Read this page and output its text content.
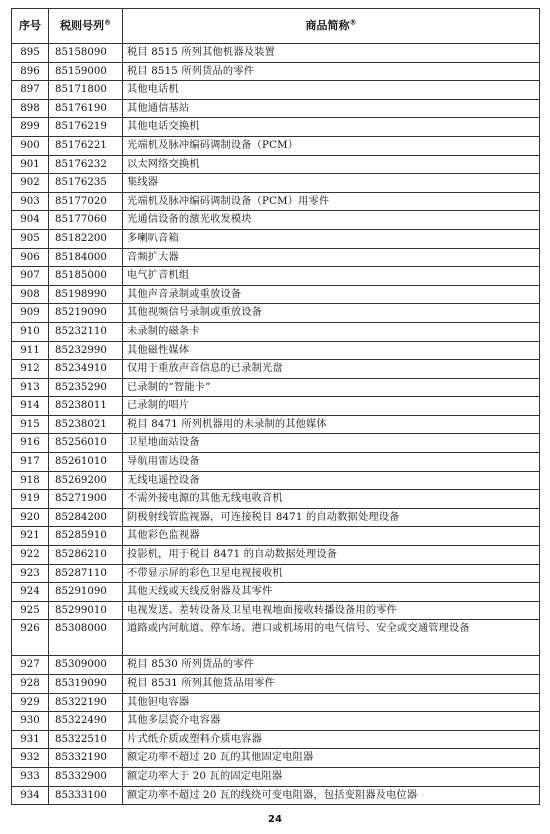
序号	税则号列®	商品简称®
895	85158090	税目 8515 所列其他机器及装置
896	85159000	税目 8515 所列货品的零件
897	85171800	其他电话机
898	85176190	其他通信基站
899	85176219	其他电话交换机
900	85176221	光端机及脉冲编码调制设备（PCM）
901	85176232	以太网络交换机
902	85176235	集线器
903	85177020	光端机及脉冲编码调制设备（PCM）用零件
904	85177060	光通信设备的激光收发模块
905	85182200	多喇叭音箱
906	85184000	音频扩大器
907	85185000	电气扩音机组
908	85198990	其他声音录制或重放设备
909	85219090	其他视频信号录制或重放设备
910	85232110	未录制的磁条卡
911	85232990	其他磁性媒体
912	85234910	仅用于重放声音信息的已录制光盘
913	85235290	已录制的“智能卡”
914	85238011	已录制的唱片
915	85238021	税目 8471 所列机器用的未录制的其他媒体
916	85256010	卫星地面站设备
917	85261010	导航用雷达设备
918	85269200	无线电遥控设备
919	85271900	不需外接电源的其他无线电收音机
920	85284200	阴极射线管监视器，可连接税目 8471 的自动数据处理设备
921	85285910	其他彩色监视器
922	85286210	投影机，用于税目 8471 的自动数据处理设备
923	85287110	不带显示屏的彩色卫星电视接收机
924	85291090	其他天线或天线反射器及其零件
925	85299010	电视发送、差转设备及卫星电视地面接收转播设备用的零件
926	85308000	道路或内河航道、停车场、港口或机场用的电气信号、安全或交通管理设备
927	85309000	税目 8530 所列货品的零件
928	85319090	税目 8531 所列其他货品用零件
929	85322190	其他钽电容器
930	85322490	其他多层瓷介电容器
931	85322510	片式纸介质或塑料介质电容器
932	85332190	额定功率不超过 20 瓦的其他固定电阻器
933	85332900	额定功率大于 20 瓦的固定电阻器
934	85333100	额定功率不超过 20 瓦的线绕可变电阻器，包括变阻器及电位器
24
